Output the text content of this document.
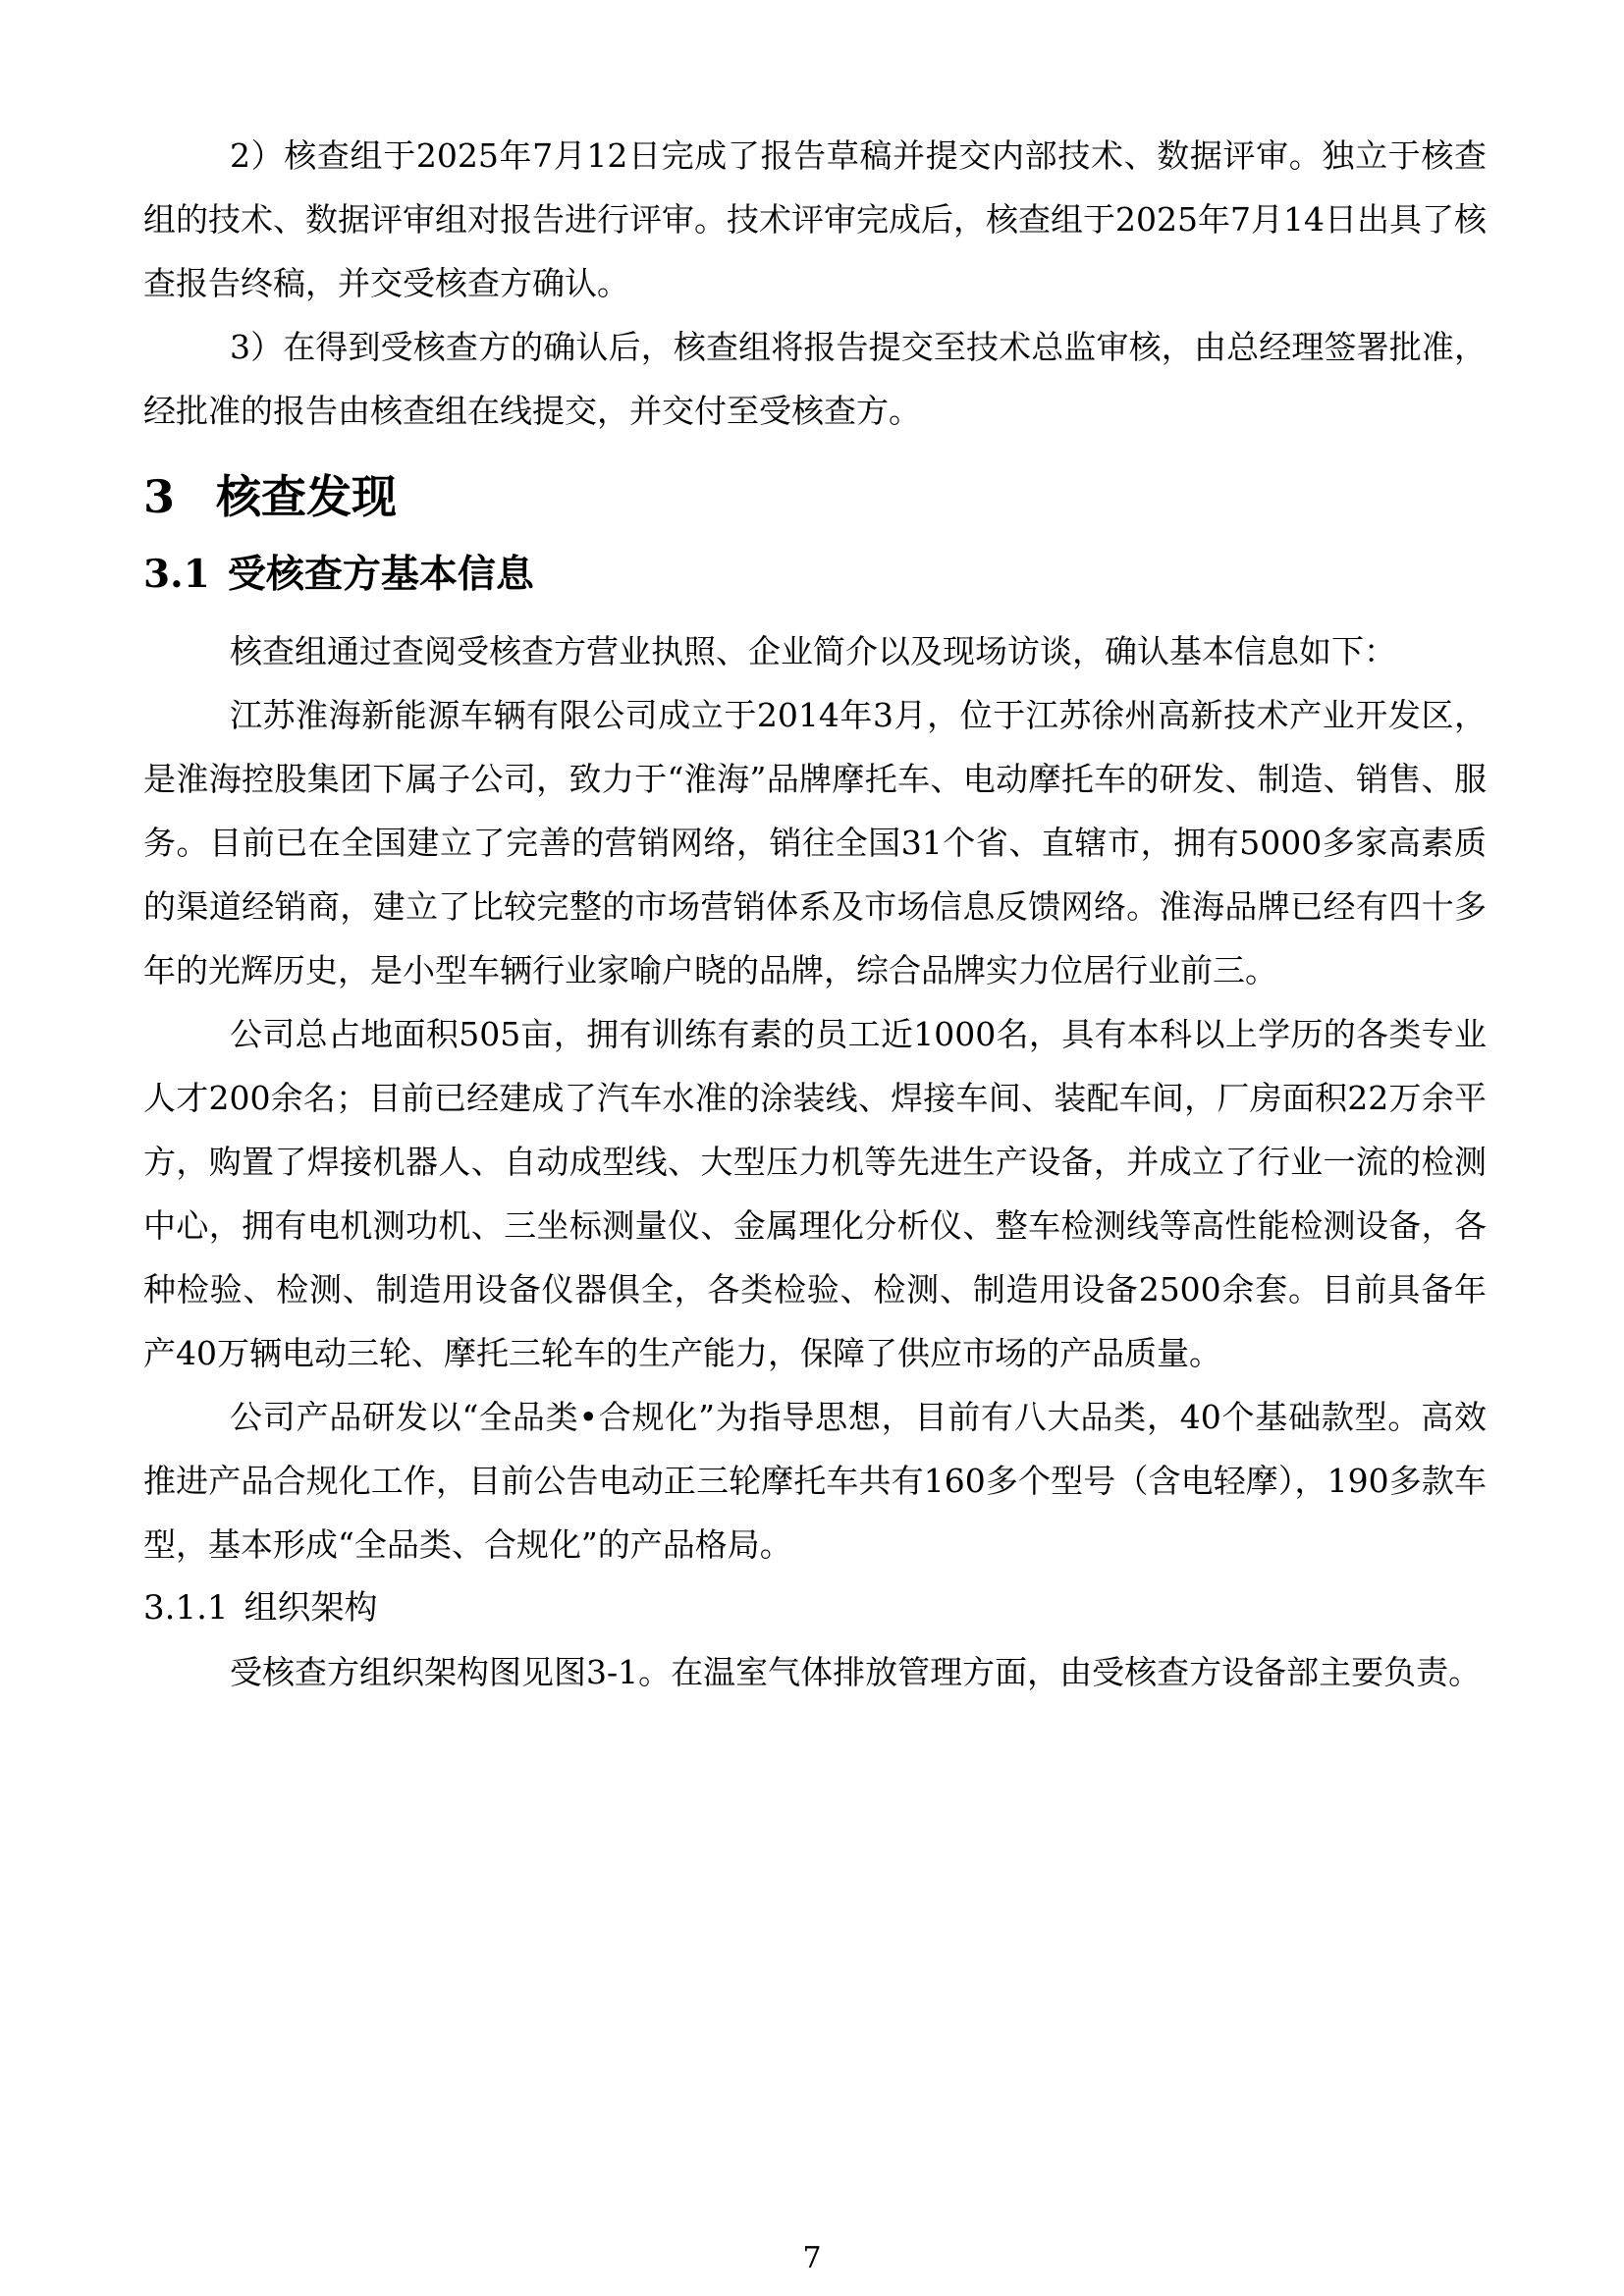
2）核查组于2025年7月12日完成了报告草稿并提交内部技术、数据评审。独立于核查组的技术、数据评审组对报告进行评审。技术评审完成后，核查组于2025年7月14日出具了核查报告终稿，并交受核查方确认。

3）在得到受核查方的确认后，核查组将报告提交至技术总监审核，由总经理签署批准，经批准的报告由核查组在线提交，并交付至受核查方。

3 核查发现
3.1 受核查方基本信息

核查组通过查阅受核查方营业执照、企业简介以及现场访谈，确认基本信息如下：

江苏淮海新能源车辆有限公司成立于2014年3月，位于江苏徐州高新技术产业开发区，是淮海控股集团下属子公司，致力于“淮海”品牌摩托车、电动摩托车的研发、制造、销售、服务。目前已在全国建立了完善的营销网络，销往全国31个省、直辖市，拥有5000多家高素质的渠道经销商，建立了比较完整的市场营销体系及市场信息反馈网络。淮海品牌已经有四十多年的光辉历史，是小型车辆行业家喻户晓的品牌，综合品牌实力位居行业前三。

公司总占地面积505亩，拥有训练有素的员工近1000名，具有本科以上学历的各类专业人才200余名；目前已经建成了汽车水准的涂装线、焊接车间、装配车间，厂房面积22万余平方，购置了焊接机器人、自动成型线、大型压力机等先进生产设备，并成立了行业一流的检测中心，拥有电机测功机、三坐标测量仪、金属理化分析仪、整车检测线等高性能检测设备，各种检验、检测、制造用设备仪器俱全，各类检验、检测、制造用设备2500余套。目前具备年产40万辆电动三轮、摩托三轮车的生产能力，保障了供应市场的产品质量。

公司产品研发以“全品类•合规化”为指导思想，目前有八大品类，40个基础款型。高效推进产品合规化工作，目前公告电动正三轮摩托车共有160多个型号（含电轻摩），190多款车型，基本形成“全品类、合规化”的产品格局。

3.1.1 组织架构

受核查方组织架构图见图3-1。在温室气体排放管理方面，由受核查方设备部主要负责。

7
